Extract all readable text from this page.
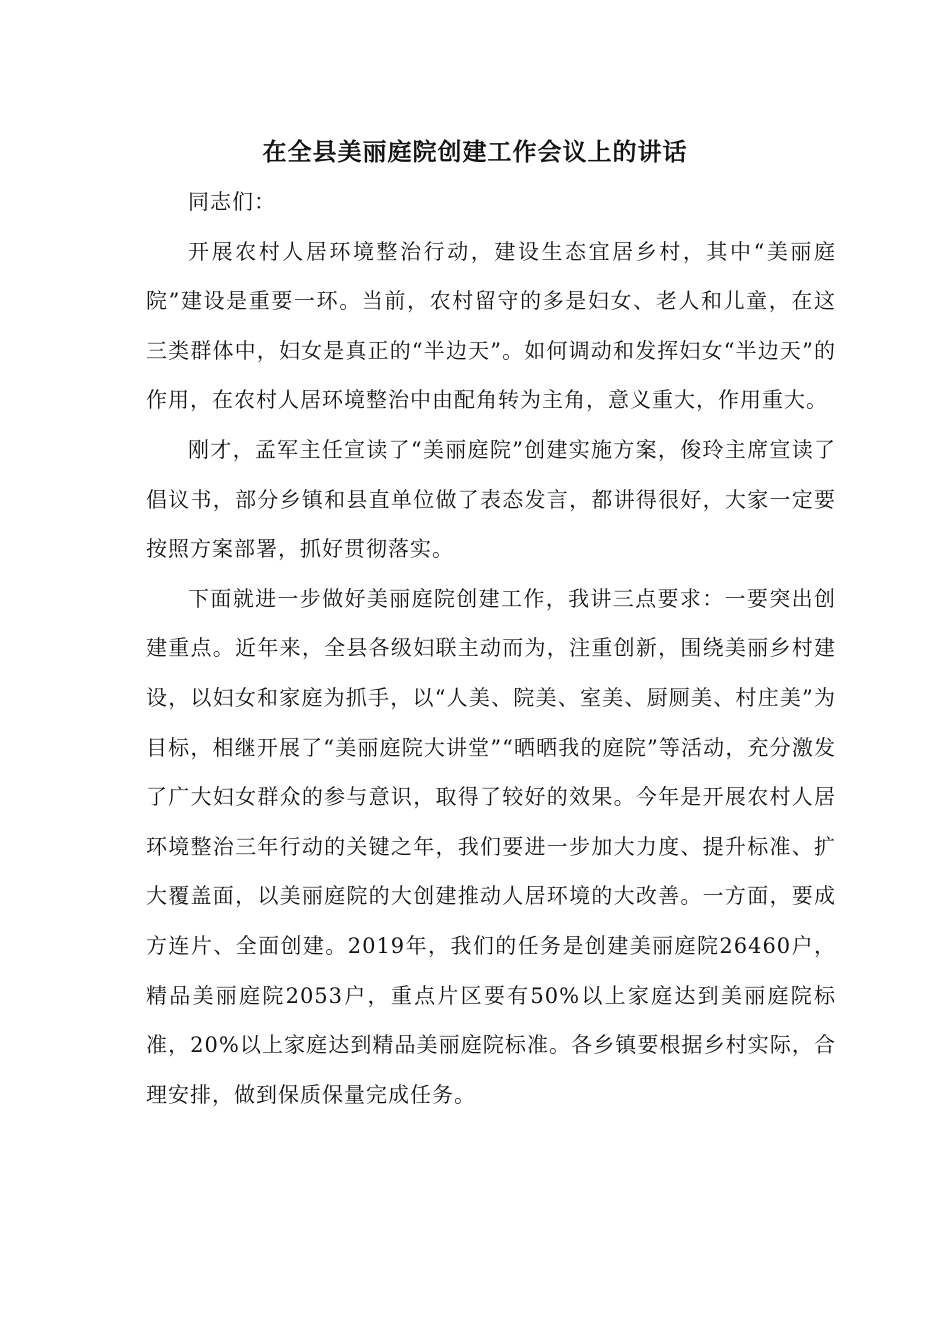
在全县美丽庭院创建工作会议上的讲话

同志们：

开展农村人居环境整治行动，建设生态宜居乡村，其中“美丽庭院”建设是重要一环。当前，农村留守的多是妇女、老人和儿童，在这三类群体中，妇女是真正的“半边天”。如何调动和发挥妇女“半边天”的作用，在农村人居环境整治中由配角转为主角，意义重大，作用重大。

刚才，孟军主任宣读了“美丽庭院”创建实施方案，俊玲主席宣读了倡议书，部分乡镇和县直单位做了表态发言，都讲得很好，大家一定要按照方案部署，抓好贯彻落实。

下面就进一步做好美丽庭院创建工作，我讲三点要求：一要突出创建重点。近年来，全县各级妇联主动而为，注重创新，围绕美丽乡村建设，以妇女和家庭为抓手，以“人美、院美、室美、厨厕美、村庄美”为目标，相继开展了“美丽庭院大讲堂”“晒晒我的庭院”等活动，充分激发了广大妇女群众的参与意识，取得了较好的效果。今年是开展农村人居环境整治三年行动的关键之年，我们要进一步加大力度、提升标准、扩大覆盖面，以美丽庭院的大创建推动人居环境的大改善。一方面，要成方连片、全面创建。2019年，我们的任务是创建美丽庭院26460户，精品美丽庭院2053户，重点片区要有50%以上家庭达到美丽庭院标准，20%以上家庭达到精品美丽庭院标准。各乡镇要根据乡村实际，合理安排，做到保质保量完成任务。
